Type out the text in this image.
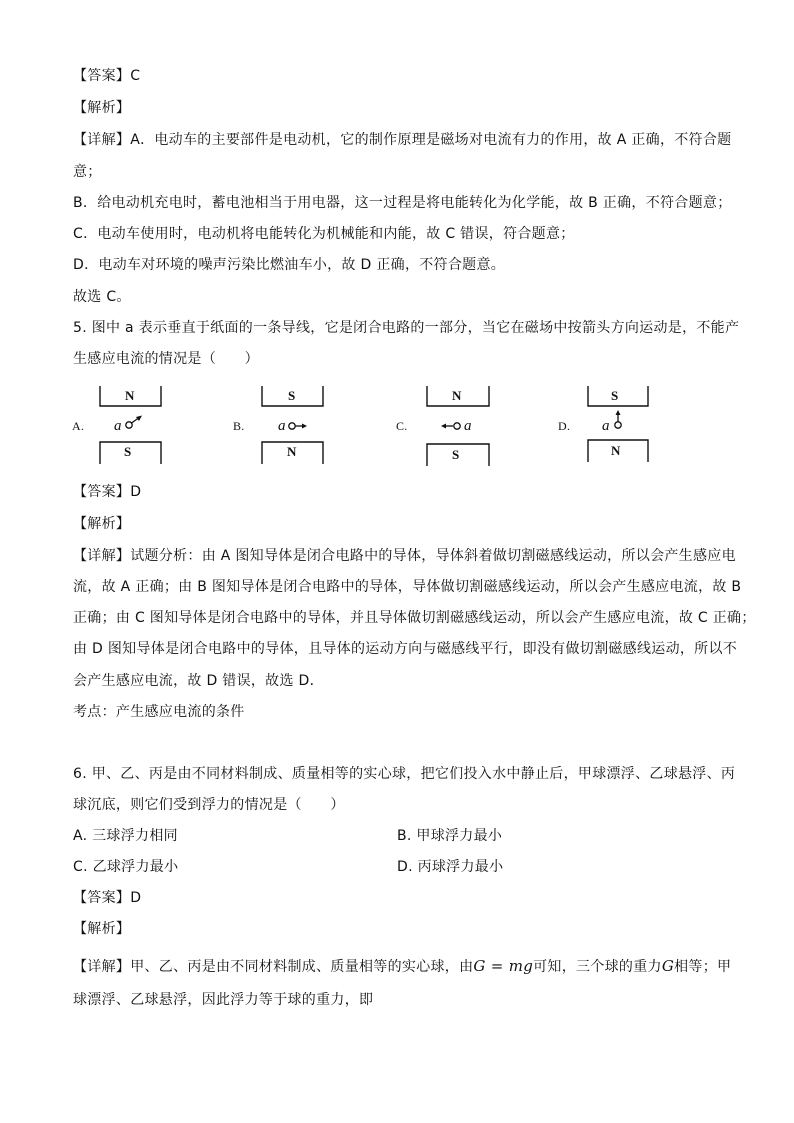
【答案】C
【解析】
【详解】A．电动车的主要部件是电动机，它的制作原理是磁场对电流有力的作用，故 A 正确，不符合题
意；
B．给电动机充电时，蓄电池相当于用电器，这一过程是将电能转化为化学能，故 B 正确，不符合题意；
C．电动车使用时，电动机将电能转化为机械能和内能，故 C 错误，符合题意；
D．电动车对环境的噪声污染比燃油车小，故 D 正确，不符合题意。
故选 C。
5. 图中 a 表示垂直于纸面的一条导线，它是闭合电路的一部分，当它在磁场中按箭头方向运动是，不能产
生感应电流的情况是（　　）
A.
N
S
a	B.
S
N
a	C.
N
S
a	D.
S
N
a
【答案】D
【解析】
【详解】试题分析：由 A 图知导体是闭合电路中的导体，导体斜着做切割磁感线运动，所以会产生感应电
流，故 A 正确；由 B 图知导体是闭合电路中的导体，导体做切割磁感线运动，所以会产生感应电流，故 B
正确；由 C 图知导体是闭合电路中的导体，并且导体做切割磁感线运动，所以会产生感应电流，故 C 正确；
由 D 图知导体是闭合电路中的导体，且导体的运动方向与磁感线平行，即没有做切割磁感线运动，所以不
会产生感应电流，故 D 错误，故选 D．
考点：产生感应电流的条件
6. 甲、乙、丙是由不同材料制成、质量相等的实心球，把它们投入水中静止后，甲球漂浮、乙球悬浮、丙
球沉底，则它们受到浮力的情况是（　　）
A. 三球浮力相同	B. 甲球浮力最小
C. 乙球浮力最小	D. 丙球浮力最小
【答案】D
【解析】
【详解】甲、乙、丙是由不同材料制成、质量相等的实心球，由G = mg可知，三个球的重力G相等；甲
球漂浮、乙球悬浮，因此浮力等于球的重力，即
